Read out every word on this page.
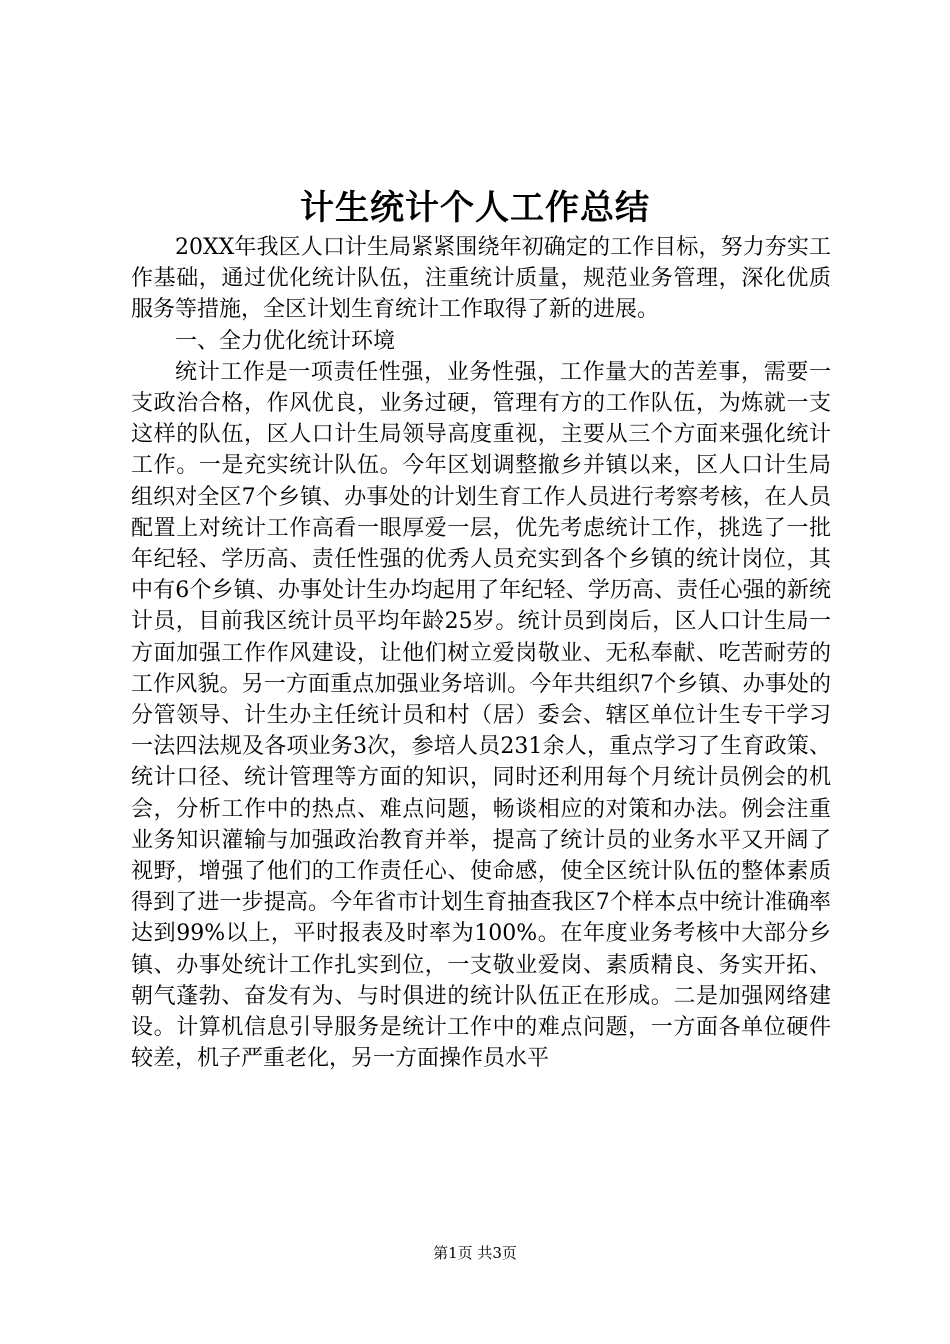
计生统计个人工作总结

20XX年我区人口计生局紧紧围绕年初确定的工作目标，努力夯实工作基础，通过优化统计队伍，注重统计质量，规范业务管理，深化优质服务等措施，全区计划生育统计工作取得了新的进展。

一、全力优化统计环境

统计工作是一项责任性强，业务性强，工作量大的苦差事，需要一支政治合格，作风优良，业务过硬，管理有方的工作队伍，为炼就一支这样的队伍，区人口计生局领导高度重视，主要从三个方面来强化统计工作。一是充实统计队伍。今年区划调整撤乡并镇以来，区人口计生局组织对全区7个乡镇、办事处的计划生育工作人员进行考察考核，在人员配置上对统计工作高看一眼厚爱一层，优先考虑统计工作，挑选了一批年纪轻、学历高、责任性强的优秀人员充实到各个乡镇的统计岗位，其中有6个乡镇、办事处计生办均起用了年纪轻、学历高、责任心强的新统计员，目前我区统计员平均年龄25岁。统计员到岗后，区人口计生局一方面加强工作作风建设，让他们树立爱岗敬业、无私奉献、吃苦耐劳的工作风貌。另一方面重点加强业务培训。今年共组织7个乡镇、办事处的分管领导、计生办主任统计员和村（居）委会、辖区单位计生专干学习一法四法规及各项业务3次，参培人员231余人，重点学习了生育政策、统计口径、统计管理等方面的知识，同时还利用每个月统计员例会的机会，分析工作中的热点、难点问题，畅谈相应的对策和办法。例会注重业务知识灌输与加强政治教育并举，提高了统计员的业务水平又开阔了视野，增强了他们的工作责任心、使命感，使全区统计队伍的整体素质得到了进一步提高。今年省市计划生育抽查我区7个样本点中统计准确率达到99%以上，平时报表及时率为100%。在年度业务考核中大部分乡镇、办事处统计工作扎实到位，一支敬业爱岗、素质精良、务实开拓、朝气蓬勃、奋发有为、与时俱进的统计队伍正在形成。二是加强网络建设。计算机信息引导服务是统计工作中的难点问题，一方面各单位硬件较差，机子严重老化，另一方面操作员水平

第1页 共3页
